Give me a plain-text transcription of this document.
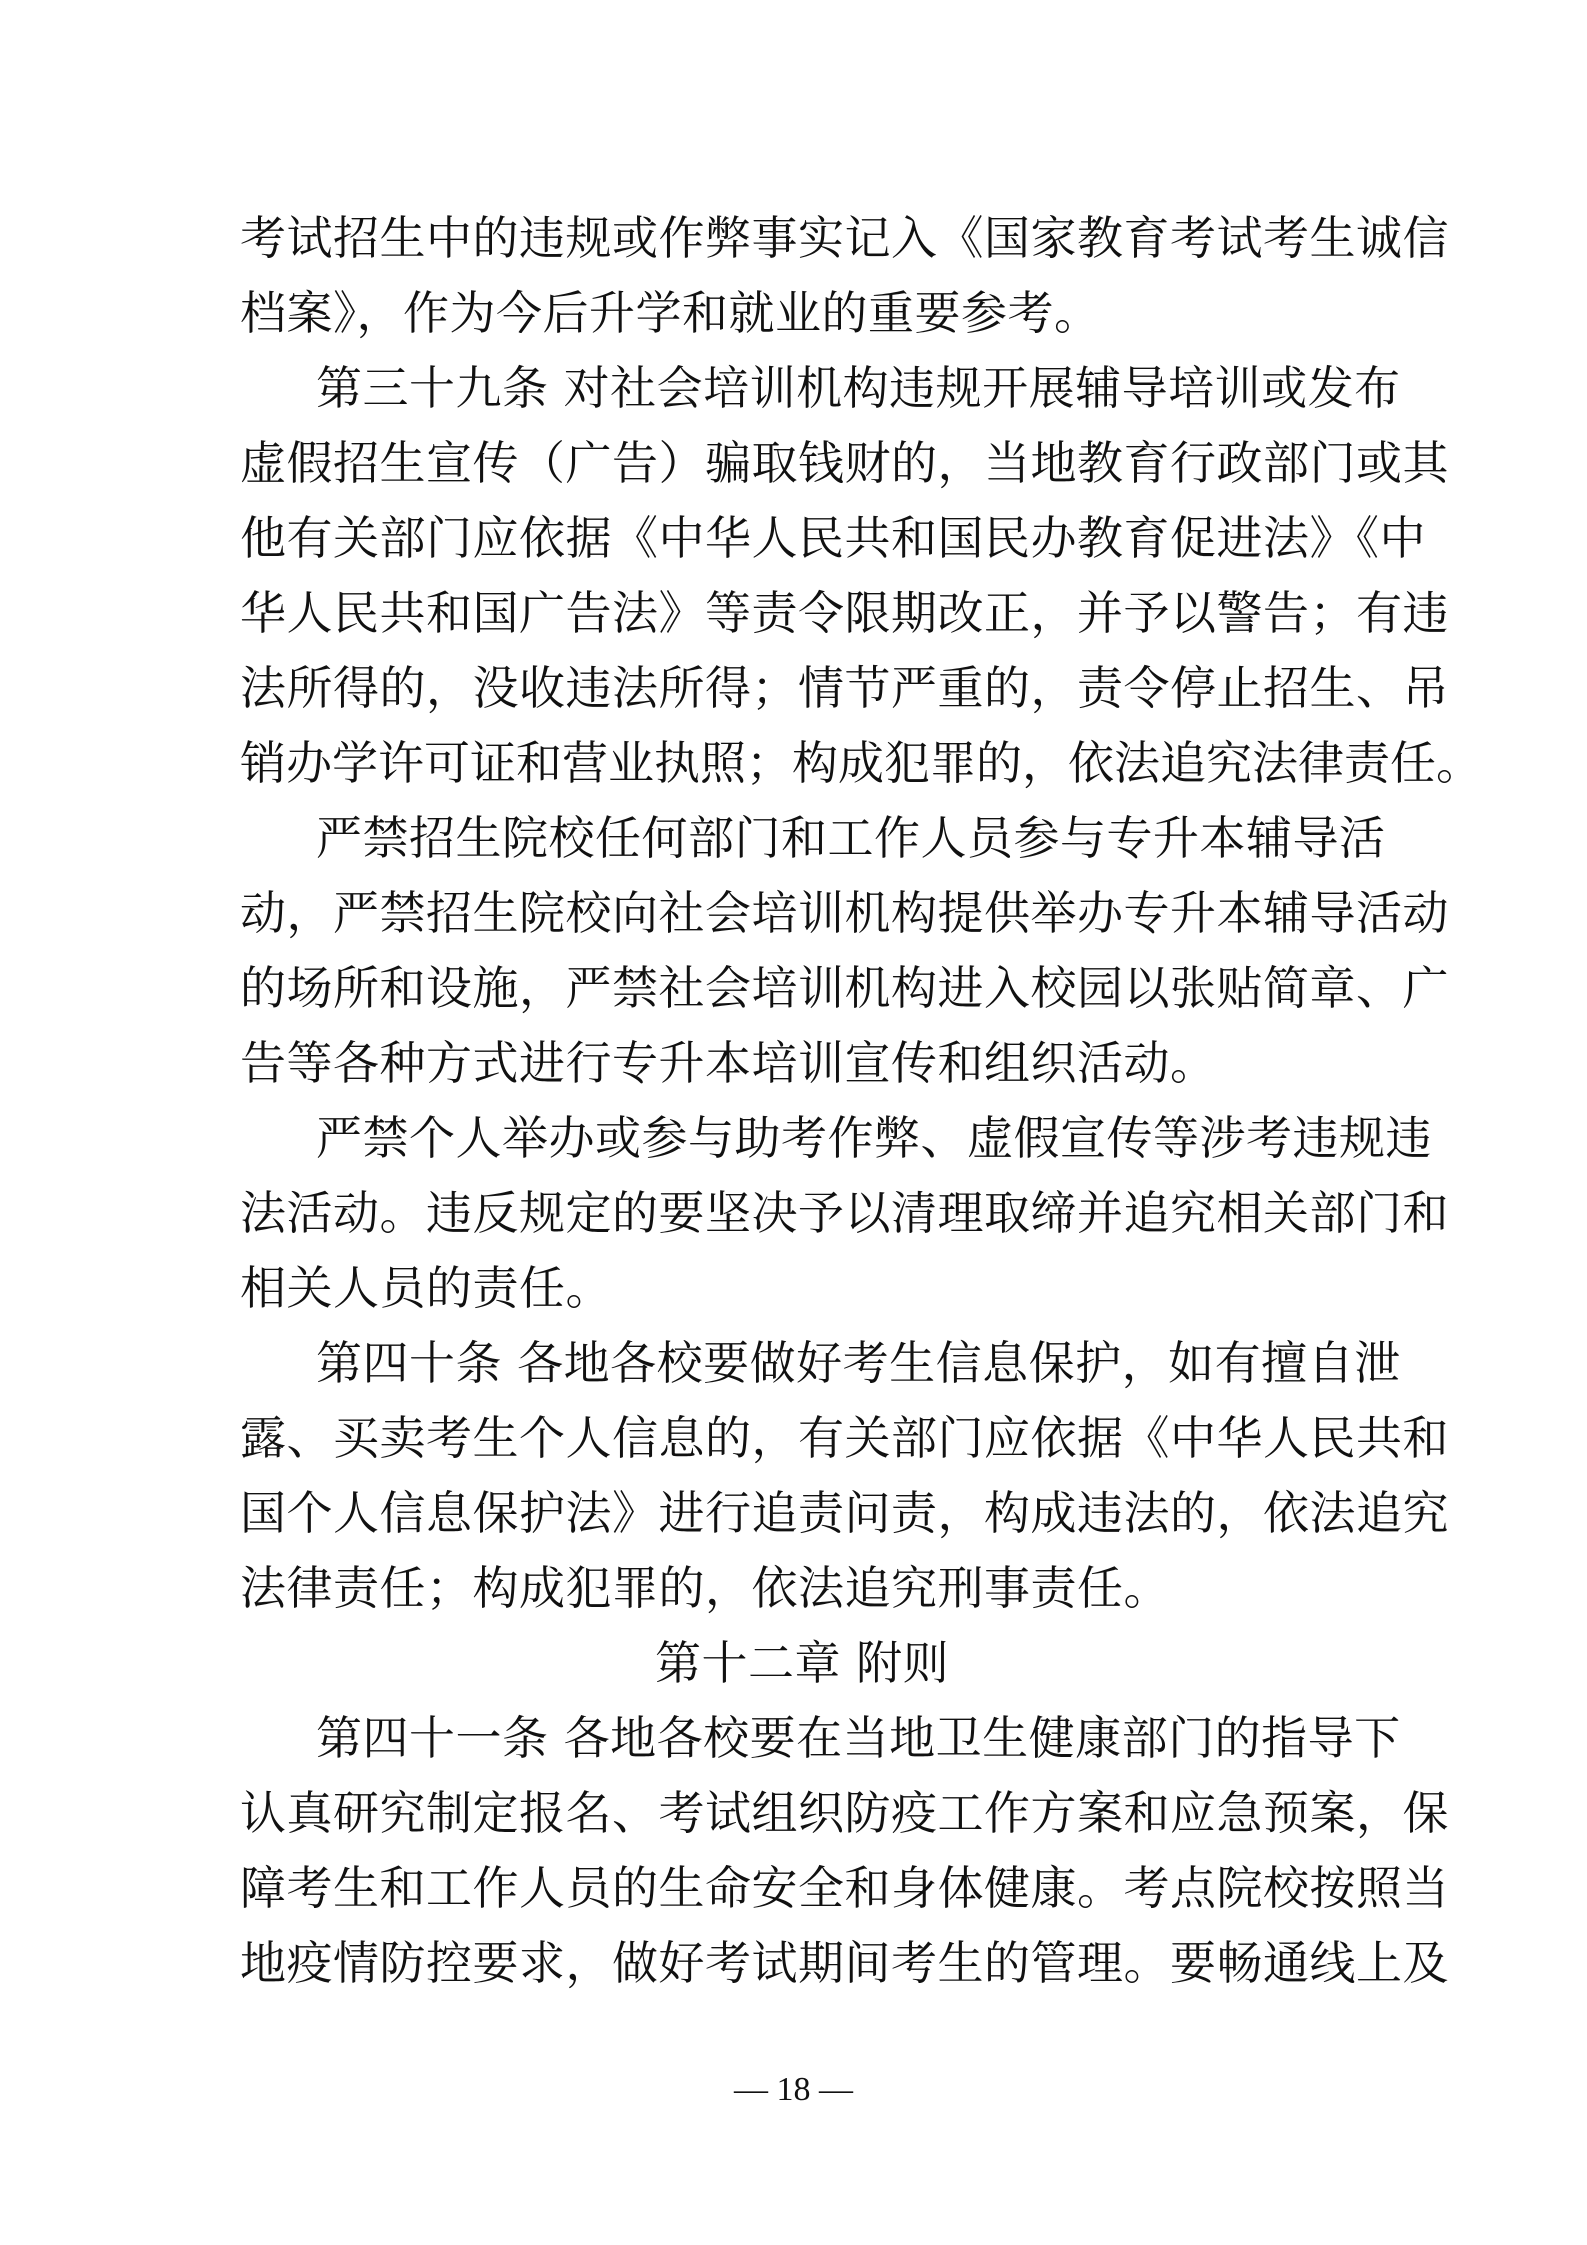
考试招生中的违规或作弊事实记入《国家教育考试考生诚信
档案》，作为今后升学和就业的重要参考。
第三十九条 对社会培训机构违规开展辅导培训或发布
虚假招生宣传（广告）骗取钱财的，当地教育行政部门或其
他有关部门应依据《中华人民共和国民办教育促进法》《中
华人民共和国广告法》等责令限期改正，并予以警告；有违
法所得的，没收违法所得；情节严重的，责令停止招生、吊
销办学许可证和营业执照；构成犯罪的，依法追究法律责任。
严禁招生院校任何部门和工作人员参与专升本辅导活
动，严禁招生院校向社会培训机构提供举办专升本辅导活动
的场所和设施，严禁社会培训机构进入校园以张贴简章、广
告等各种方式进行专升本培训宣传和组织活动。
严禁个人举办或参与助考作弊、虚假宣传等涉考违规违
法活动。违反规定的要坚决予以清理取缔并追究相关部门和
相关人员的责任。
第四十条 各地各校要做好考生信息保护，如有擅自泄
露、买卖考生个人信息的，有关部门应依据《中华人民共和
国个人信息保护法》进行追责问责，构成违法的，依法追究
法律责任；构成犯罪的，依法追究刑事责任。
第十二章 附则
第四十一条 各地各校要在当地卫生健康部门的指导下
认真研究制定报名、考试组织防疫工作方案和应急预案，保
障考生和工作人员的生命安全和身体健康。考点院校按照当
地疫情防控要求，做好考试期间考生的管理。要畅通线上及
— 18 —
